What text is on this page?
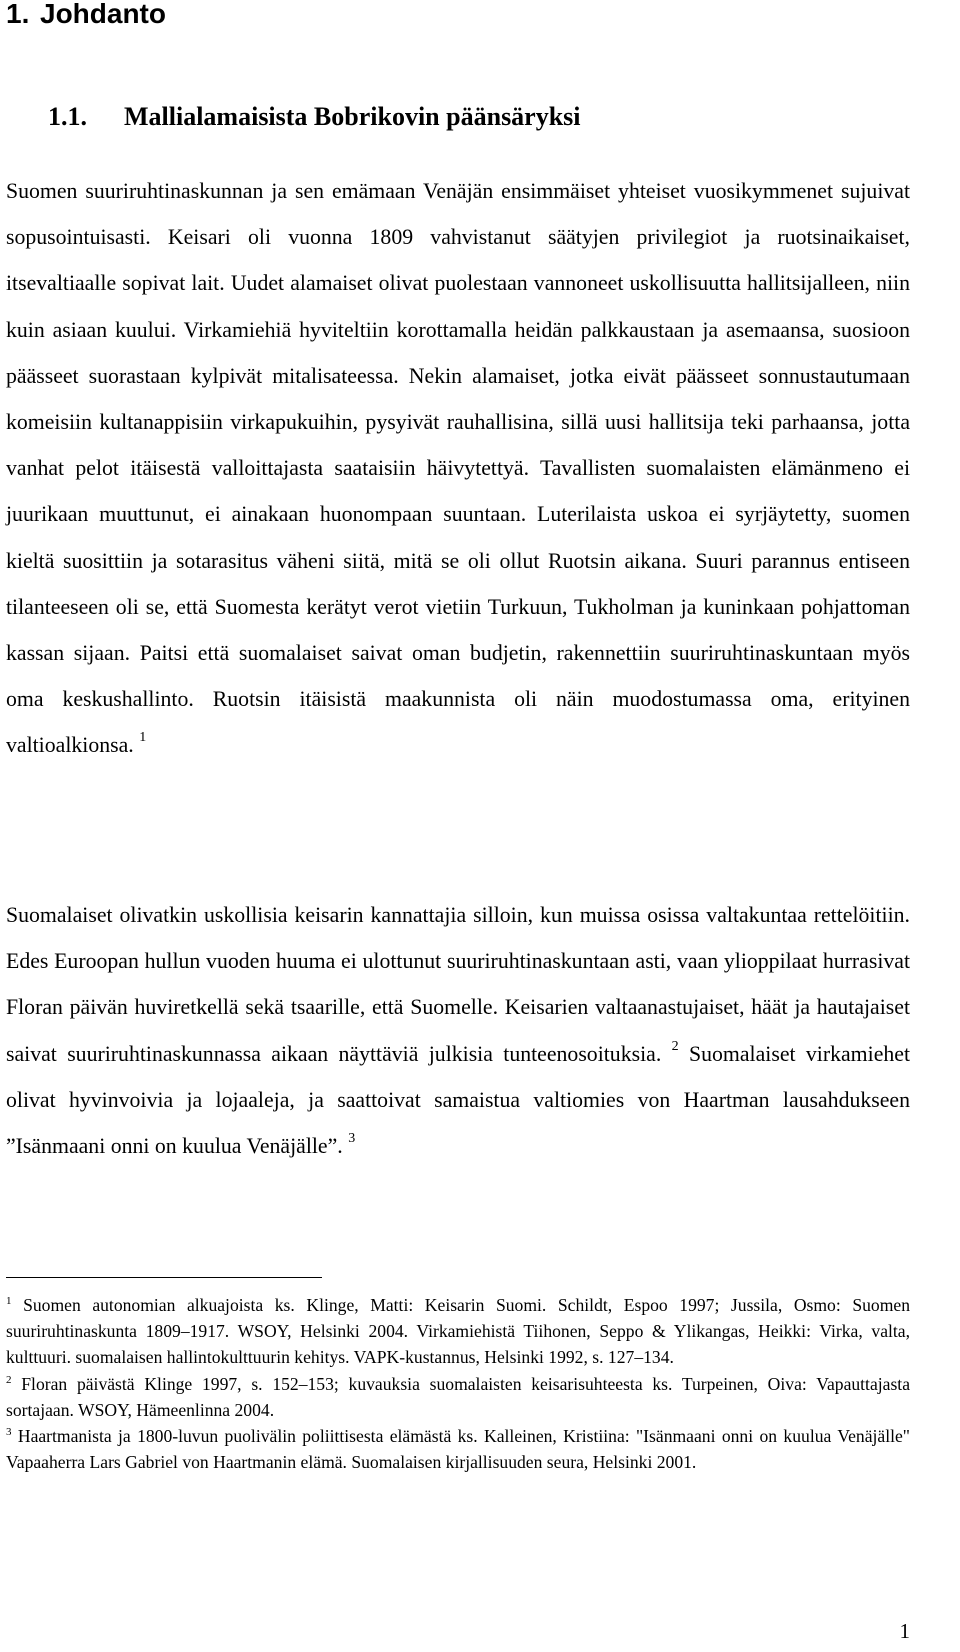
1. Johdanto
1.1. Mallialamaisista Bobrikovin päänsäryksi

Suomen suuriruhtinaskunnan ja sen emämaan Venäjän ensimmäiset yhteiset vuosikymmenet sujuivat sopusointuisasti. Keisari oli vuonna 1809 vahvistanut säätyjen privilegiot ja ruotsinaikaiset, itsevaltiaalle sopivat lait. Uudet alamaiset olivat puolestaan vannoneet uskollisuutta hallitsijalleen, niin kuin asiaan kuului. Virkamiehiä hyviteltiin korottamalla heidän palkkaustaan ja asemaansa, suosioon päässeet suorastaan kylpivät mitalisateessa. Nekin alamaiset, jotka eivät päässeet sonnustautumaan komeisiin kultanappisiin virkapukuihin, pysyivät rauhallisina, sillä uusi hallitsija teki parhaansa, jotta vanhat pelot itäisestä valloittajasta saataisiin häivytettyä. Tavallisten suomalaisten elämänmeno ei juurikaan muuttunut, ei ainakaan huonompaan suuntaan. Luterilaista uskoa ei syrjäytetty, suomen kieltä suosittiin ja sotarasitus väheni siitä, mitä se oli ollut Ruotsin aikana. Suuri parannus entiseen tilanteeseen oli se, että Suomesta kerätyt verot vietiin Turkuun, Tukholman ja kuninkaan pohjattoman kassan sijaan. Paitsi että suomalaiset saivat oman budjetin, rakennettiin suuriruhtinaskuntaan myös oma keskushallinto. Ruotsin itäisistä maakunnista oli näin muodostumassa oma, erityinen valtioalkionsa. $^1$

Suomalaiset olivatkin uskollisia keisarin kannattajia silloin, kun muissa osissa valtakuntaa rettelöitiin. Edes Euroopan hullun vuoden huuma ei ulottunut suuriruhtinaskuntaan asti, vaan ylioppilaat hurrasivat Floran päivän huviretkellä sekä tsaarille, että Suomelle. Keisarien valtaanastujaiset, häät ja hautajaiset saivat suuriruhtinaskunnassa aikaan näyttäviä julkisia tunteenosoituksia. $^2$ Suomalaiset virkamiehet olivat hyvinvoivia ja lojaaleja, ja saattoivat samaistua valtiomies von Haartman lausahdukseen ”Isänmaani onni on kuulua Venäjälle”. $^3$

$^1$ Suomen autonomian alkuajoista ks. Klinge, Matti: Keisarin Suomi. Schildt, Espoo 1997; Jussila, Osmo: Suomen suuriruhtinaskunta 1809–1917. WSOY, Helsinki 2004. Virkamiehistä Tiihonen, Seppo & Ylikangas, Heikki: Virka, valta, kulttuuri. suomalaisen hallintokulttuurin kehitys. VAPK-kustannus, Helsinki 1992, s. 127–134.

$^2$ Floran päivästä Klinge 1997, s. 152–153; kuvauksia suomalaisten keisarisuhteesta ks. Turpeinen, Oiva: Vapauttajasta sortajaan. WSOY, Hämeenlinna 2004.

$^3$ Haartmanista ja 1800-luvun puolivälin poliittisesta elämästä ks. Kalleinen, Kristiina: "Isänmaani onni on kuulua Venäjälle" Vapaaherra Lars Gabriel von Haartmanin elämä. Suomalaisen kirjallisuuden seura, Helsinki 2001.

1
